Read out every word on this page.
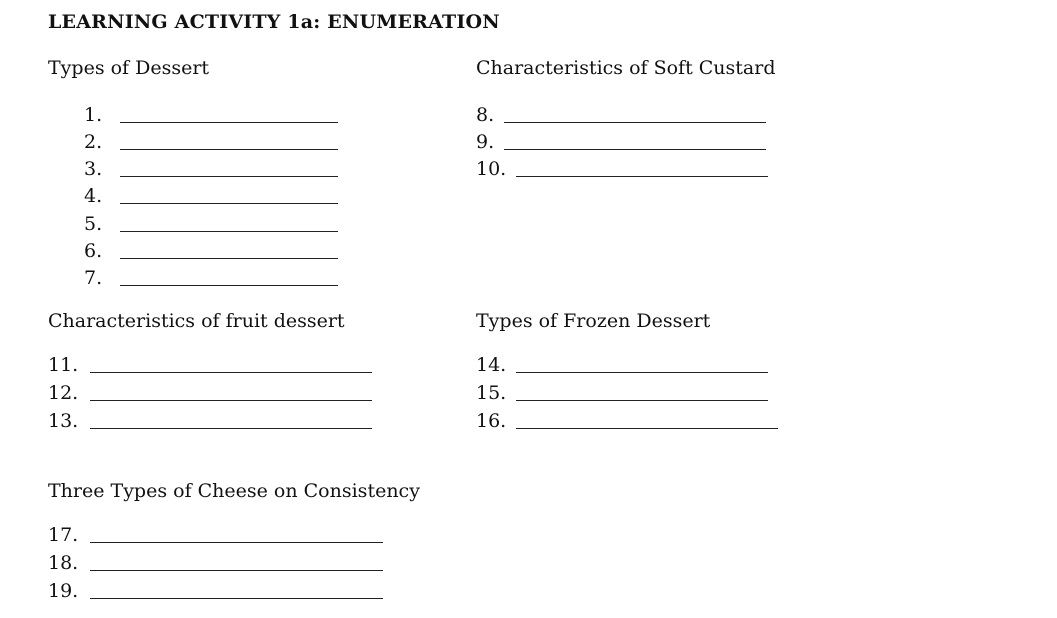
LEARNING ACTIVITY 1a: ENUMERATION
Types of Dessert
1.
2.
3.
4.
5.
6.
7.
Characteristics of Soft Custard
8.
9.
10.
Characteristics of fruit dessert
11.
12.
13.
Types of Frozen Dessert
14.
15.
16.
Three Types of Cheese on Consistency
17.
18.
19.
